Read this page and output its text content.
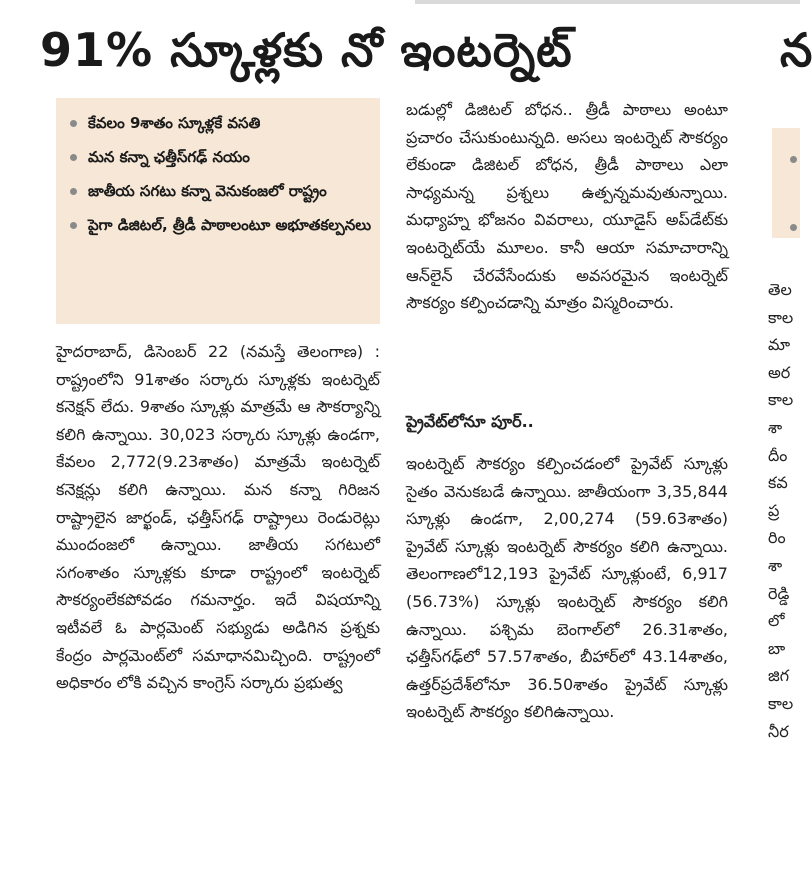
91% స్కూళ్లకు నో ఇంటర్నెట్	న
కేవలం 9శాతం స్కూళ్లకే వసతి
మన కన్నా ఛత్తీస్‌గఢ్ నయం
జాతీయ సగటు కన్నా వెనుకంజలో రాష్ట్రం
పైగా డిజిటల్, త్రీడీ పాఠాలంటూ అభూతకల్పనలు
హైదరాబాద్, డిసెంబర్ 22 (నమస్తే తెలంగాణ) : రాష్ట్రంలోని 91శాతం సర్కారు స్కూళ్లకు ఇంటర్నెట్ కనెక్షన్ లేదు. 9శాతం స్కూళ్లు మాత్రమే ఆ సౌకర్యాన్ని కలిగి ఉన్నాయి. 30,023 సర్కారు స్కూళ్లు ఉండగా, కేవలం 2,772(9.23శాతం) మాత్రమే ఇంటర్నెట్ కనెక్షన్లు కలిగి ఉన్నాయి. మన కన్నా గిరిజన రాష్ట్రాలైన జార్ఖండ్, ఛత్తీస్‌గఢ్ రాష్ట్రాలు రెండురెట్లు ముందంజలో ఉన్నాయి. జాతీయ సగటులో సగంశాతం స్కూళ్లకు కూడా రాష్ట్రంలో ఇంటర్నెట్ సౌకర్యంలేకపోవడం గమనార్హం. ఇదే విషయాన్ని ఇటీవలే ఓ పార్లమెంట్ సభ్యుడు అడిగిన ప్రశ్నకు కేంద్రం పార్లమెంట్‌లో సమాధానమిచ్చింది. రాష్ట్రంలో అధికారం లోకి వచ్చిన కాంగ్రెస్ సర్కారు ప్రభుత్వ
బడుల్లో డిజిటల్ బోధన.. త్రీడీ పాఠాలు అంటూ ప్రచారం చేసుకుంటున్నది. అసలు ఇంటర్నెట్ సౌకర్యం లేకుండా డిజిటల్ బోధన, త్రీడీ పాఠాలు ఎలా సాధ్యమన్న ప్రశ్నలు ఉత్పన్నమవుతున్నాయి. మధ్యాహ్న భోజనం వివరాలు, యూడైస్ అప్‌డేట్‌కు ఇంటర్నెట్‌యే మూలం. కానీ ఆయా సమాచారాన్ని ఆన్‌లైన్ చేరవేసేందుకు అవసరమైన ఇంటర్నెట్ సౌకర్యం కల్పించడాన్ని మాత్రం విస్మరించారు.
ప్రైవేట్‌లోనూ పూర్..
ఇంటర్నెట్ సౌకర్యం కల్పించడంలో ప్రైవేట్ స్కూళ్లు సైతం వెనుకబడే ఉన్నాయి. జాతీయంగా 3,35,844 స్కూళ్లు ఉండగా, 2,00,274 (59.63శాతం) ప్రైవేట్ స్కూళ్లు ఇంటర్నెట్ సౌకర్యం కలిగి ఉన్నాయి. తెలంగాణలో12,193 ప్రైవేట్ స్కూళ్లుంటే, 6,917 (56.73%) స్కూళ్లు ఇంటర్నెట్ సౌకర్యం కలిగి ఉన్నాయి. పశ్చిమ బెంగాల్‌లో 26.31శాతం, ఛత్తీస్‌గఢ్‌లో 57.57శాతం, బీహార్‌లో 43.14శాతం, ఉత్తర్‌ప్రదేశ్‌లోనూ 36.50శాతం ప్రైవేట్ స్కూళ్లు ఇంటర్నెట్ సౌకర్యం కలిగిఉన్నాయి.
తెల
కాల
మా
అర
కాల
శా
దీం
కవ
ప్ర
రిం
శా
రెడ్డి
లో
బా
జిగ
కాల
నీర
